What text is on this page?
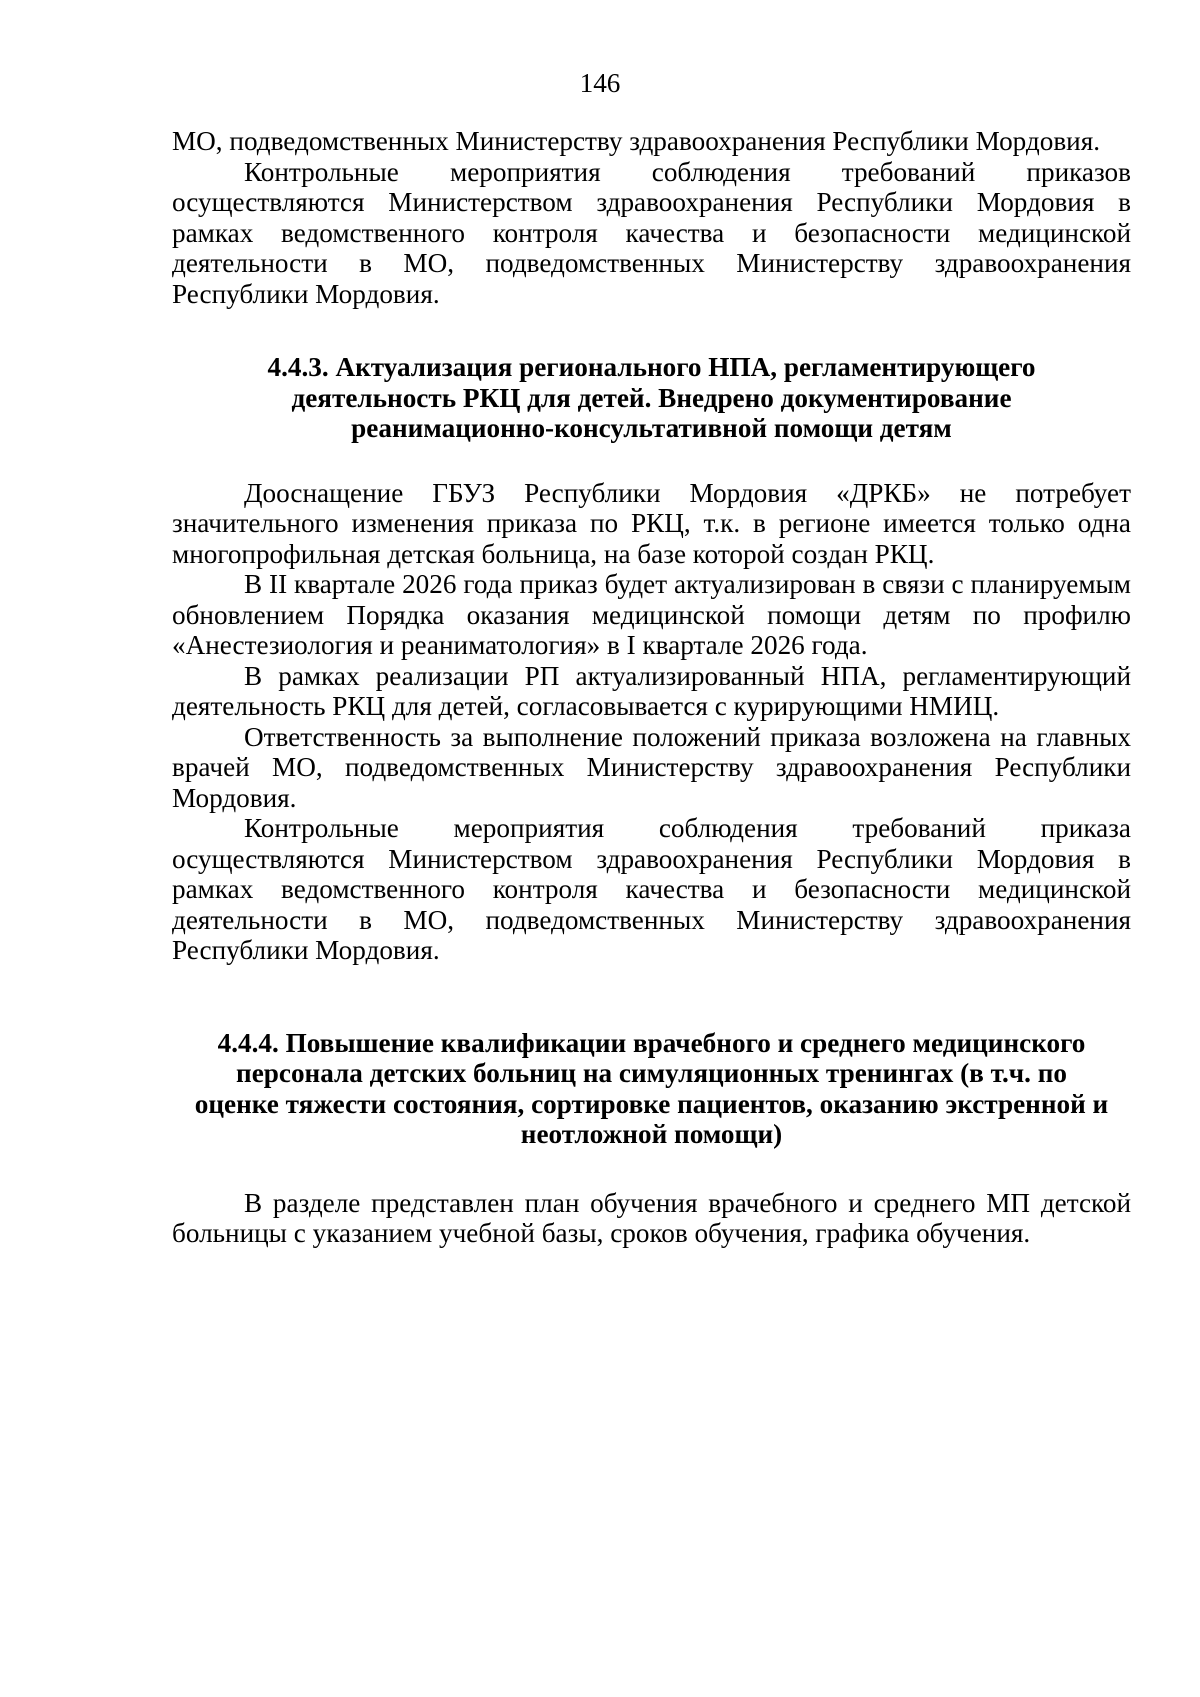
146

МО, подведомственных Министерству здравоохранения Республики Мордовия.

Контрольные мероприятия соблюдения требований приказов осуществляются Министерством здравоохранения Республики Мордовия в рамках ведомственного контроля качества и безопасности медицинской деятельности в МО, подведомственных Министерству здравоохранения Республики Мордовия.

4.4.3. Актуализация регионального НПА, регламентирующего
деятельность РКЦ для детей. Внедрено документирование
реанимационно-консультативной помощи детям

Дооснащение ГБУЗ Республики Мордовия «ДРКБ» не потребует значительного изменения приказа по РКЦ, т.к. в регионе имеется только одна многопрофильная детская больница, на базе которой создан РКЦ.

В II квартале 2026 года приказ будет актуализирован в связи с планируемым обновлением Порядка оказания медицинской помощи детям по профилю «Анестезиология и реаниматология» в I квартале 2026 года.

В рамках реализации РП актуализированный НПА, регламентирующий деятельность РКЦ для детей, согласовывается с курирующими НМИЦ.

Ответственность за выполнение положений приказа возложена на главных врачей МО, подведомственных Министерству здравоохранения Республики Мордовия.

Контрольные мероприятия соблюдения требований приказа осуществляются Министерством здравоохранения Республики Мордовия в рамках ведомственного контроля качества и безопасности медицинской деятельности в МО, подведомственных Министерству здравоохранения Республики Мордовия.

4.4.4. Повышение квалификации врачебного и среднего медицинского
персонала детских больниц на симуляционных тренингах (в т.ч. по
оценке тяжести состояния, сортировке пациентов, оказанию экстренной и
неотложной помощи)

В разделе представлен план обучения врачебного и среднего МП детской больницы с указанием учебной базы, сроков обучения, графика обучения.
